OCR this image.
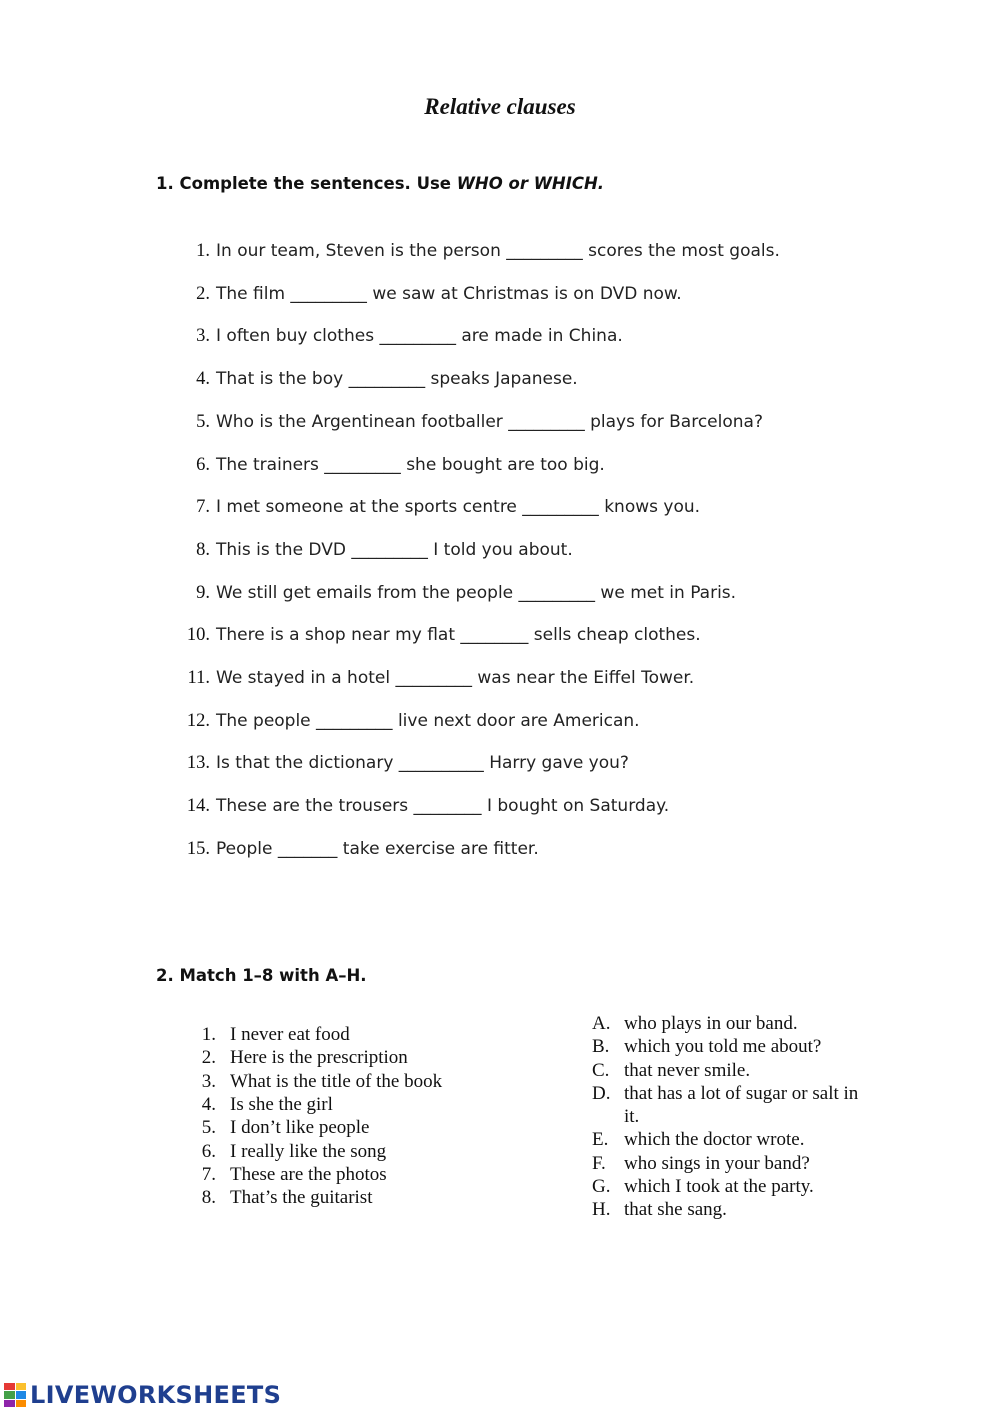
Relative clauses
1. Complete the sentences. Use WHO or WHICH.
1. In our team, Steven is the person _________ scores the most goals.
2. The film _________ we saw at Christmas is on DVD now.
3. I often buy clothes _________ are made in China.
4. That is the boy _________ speaks Japanese.
5. Who is the Argentinean footballer _________ plays for Barcelona?
6. The trainers _________ she bought are too big.
7. I met someone at the sports centre _________ knows you.
8. This is the DVD _________ I told you about.
9. We still get emails from the people _________ we met in Paris.
10. There is a shop near my flat ________ sells cheap clothes.
11. We stayed in a hotel _________ was near the Eiffel Tower.
12. The people _________ live next door are American.
13. Is that the dictionary __________ Harry gave you?
14. These are the trousers ________ I bought on Saturday.
15. People _______ take exercise are fitter.
2. Match 1–8 with A–H.
1. I never eat food
2. Here is the prescription
3. What is the title of the book
4. Is she the girl
5. I don’t like people
6. I really like the song
7. These are the photos
8. That’s the guitarist
A. who plays in our band.
B. which you told me about?
C. that never smile.
D. that has a lot of sugar or salt in it.
E. which the doctor wrote.
F. who sings in your band?
G. which I took at the party.
H. that she sang.
LIVEWORKSHEETS
